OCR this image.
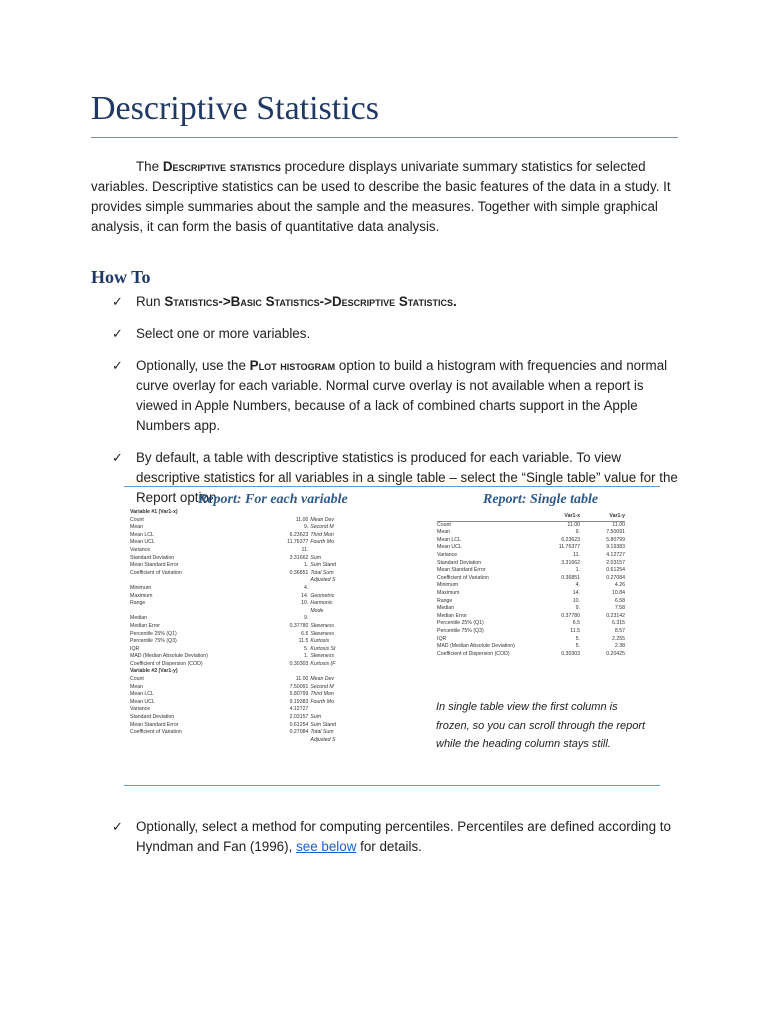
Descriptive Statistics

The Descriptive statistics procedure displays univariate summary statistics for selected variables. Descriptive statistics can be used to describe the basic features of the data in a study. It provides simple summaries about the sample and the measures. Together with simple graphical analysis, it can form the basis of quantitative data analysis.

How To
✓ Run Statistics->Basic Statistics->Descriptive Statistics.
✓ Select one or more variables.
✓ Optionally, use the Plot histogram option to build a histogram with frequencies and normal curve overlay for each variable. Normal curve overlay is not available when a report is viewed in Apple Numbers, because of a lack of combined charts support in the Apple Numbers app.
✓ By default, a table with descriptive statistics is produced for each variable. To view descriptive statistics for all variables in a single table – select the “Single table” value for the Report option.

Report: For each variable	Report: Single table

Variable #1 (Var1-x)
Count	11.00 Mean Dev
Mean	9. Second M
Mean LCL	6.23623 Third Mon
Mean UCL	11.76377 Fourth Mo
Variance	11.
Standard Deviation	3.31662 Sum
Mean Standard Error	1. Sum Stand
Coefficient of Variation	0.36851 Total Sum
Adjusted S
Minimum	4.
Maximum	14. Geometric
Range	10. Harmonic
Mode
Median	9.
Median Error	0.37780 Skewness
Percentile 25% (Q1)	6.5 Skewness
Percentile 75% (Q3)	11.5 Kurtosis
IQR	5. Kurtosis St
MAD (Median Absolute Deviation)	1. Skewness
Coefficient of Dispersion (COD)	0.30303 Kurtosis (F
Variable #2 (Var1-y)
Count	11.00 Mean Dev
Mean	7.50091 Second M
Mean LCL	5.80799 Third Mon
Mean UCL	9.19383 Fourth Mo
Variance	4.12727
Standard Deviation	2.03157 Sum
Mean Standard Error	0.61254 Sum Stand
Coefficient of Variation	0.27084 Total Sum
Adjusted S
Var1-x	Var1-y
Count	11.00	11.00
Mean	9.	7.50091
Mean LCL	6.23623	5.80799
Mean UCL	11.76377	9.19383
Variance	11.	4.12727
Standard Deviation	3.31662	2.03157
Mean Standard Error	1.	0.61254
Coefficient of Variation	0.36851	0.27084
Minimum	4.	4.26
Maximum	14.	10.84
Range	10.	6.58
Median	9.	7.58
Median Error	0.37780	0.23142
Percentile 25% (Q1)	6.5	6.315
Percentile 75% (Q3)	11.5	8.57
IQR	5.	2.255
MAD (Median Absolute Deviation)	5.	2.38
Coefficient of Dispersion (COD)	0.30303	0.20425

In single table view the first column is frozen, so you can scroll through the report while the heading column stays still.

✓ Optionally, select a method for computing percentiles. Percentiles are defined according to Hyndman and Fan (1996), see below for details.
